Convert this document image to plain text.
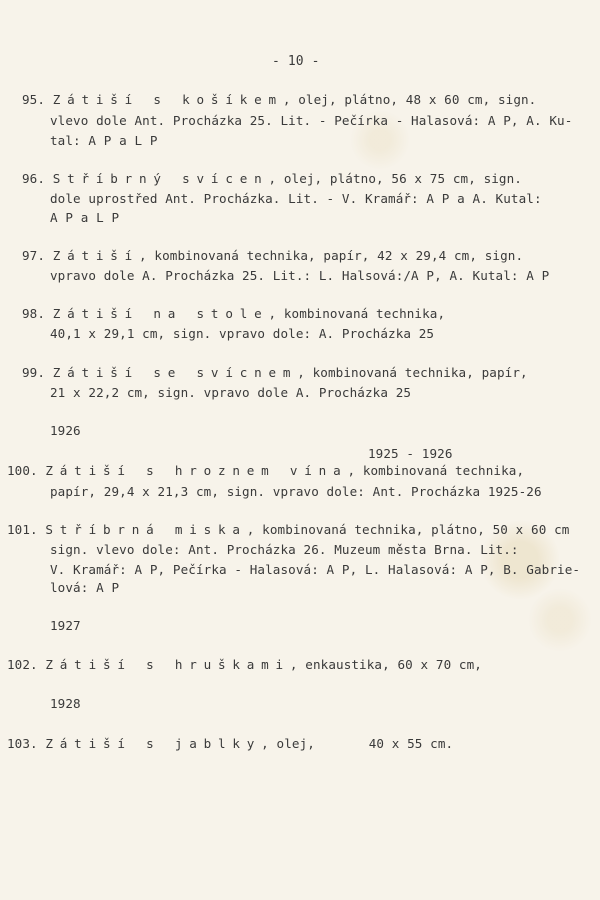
- 10 -
95. Zátiší s košíkem, olej, plátno, 48 x 60 cm, sign.
vlevo dole Ant. Procházka 25. Lit. - Pečírka - Halasová: A P, A. Ku-
tal: A P a L P
96. Stříbrný svícen, olej, plátno, 56 x 75 cm, sign.
dole uprostřed Ant. Procházka. Lit. - V. Kramář: A P a A. Kutal:
A P a L P
97. Zátiší, kombinovaná technika, papír, 42 x 29,4 cm, sign.
vpravo dole A. Procházka 25. Lit.: L. Halsová:/A P, A. Kutal: A P
98. Zátiší na stole, kombinovaná technika,
40,1 x 29,1 cm, sign. vpravo dole: A. Procházka 25
99. Zátiší se svícnem, kombinovaná technika, papír,
21 x 22,2 cm, sign. vpravo dole A. Procházka 25
1926
1925 - 1926
100. Zátiší s hroznem vína, kombinovaná technika,
papír, 29,4 x 21,3 cm, sign. vpravo dole: Ant. Procházka 1925-26
101. Stříbrná miska, kombinovaná technika, plátno, 50 x 60 cm
sign. vlevo dole: Ant. Procházka 26. Muzeum města Brna. Lit.:
V. Kramář: A P, Pečírka - Halasová: A P, L. Halasová: A P, B. Gabrie-
lová: A P
1927
102. Zátiší s hruškami, enkaustika, 60 x 70 cm,
1928
103. Zátiší s jablky, olej,       40 x 55 cm.
